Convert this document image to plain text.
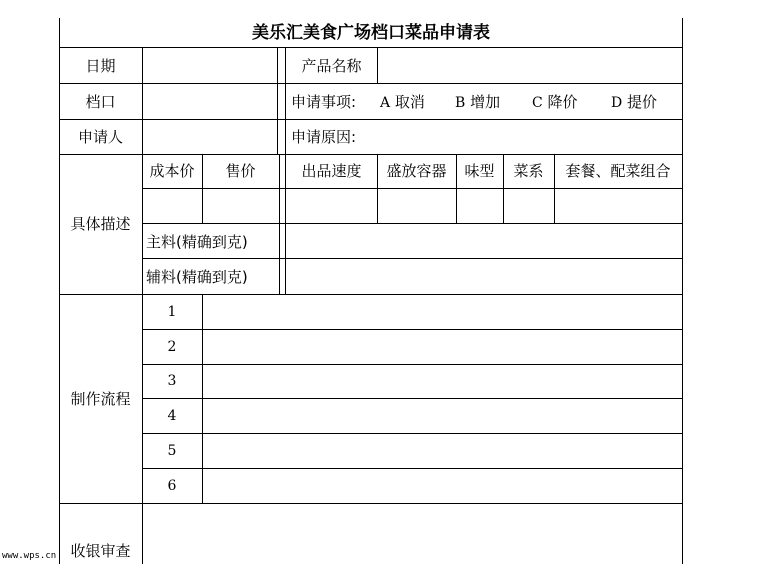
美乐汇美食广场档口菜品申请表
日期	产品名称
档口	申请事项: A 取消 B 增加 C 降价 D 提价
申请人	申请原因:
具体描述
成本价	售价	出品速度	盛放容器	味型	菜系	套餐、配菜组合
主料(精确到克)
辅料(精确到克)
制作流程
1
2
3
4
5
6
收银审查
www.wps.cn
